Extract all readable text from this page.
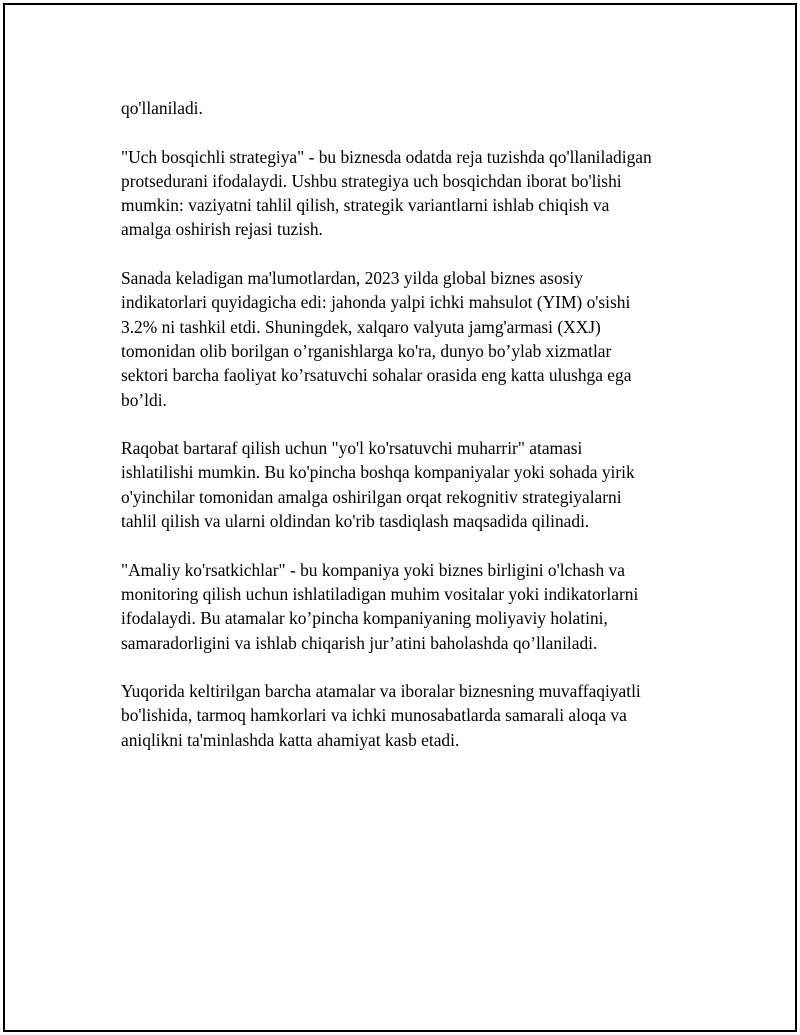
qo'llaniladi.

"Uch bosqichli strategiya" - bu biznesda odatda reja tuzishda qo'llaniladigan
protsedurani ifodalaydi. Ushbu strategiya uch bosqichdan iborat bo'lishi
mumkin: vaziyatni tahlil qilish, strategik variantlarni ishlab chiqish va
amalga oshirish rejasi tuzish.

Sanada keladigan ma'lumotlardan, 2023 yilda global biznes asosiy
indikatorlari quyidagicha edi: jahonda yalpi ichki mahsulot (YIM) o'sishi
3.2% ni tashkil etdi. Shuningdek, xalqaro valyuta jamg'armasi (XXJ)
tomonidan olib borilgan o’rganishlarga ko'ra, dunyo bo’ylab xizmatlar
sektori barcha faoliyat ko’rsatuvchi sohalar orasida eng katta ulushga ega
bo’ldi.

Raqobat bartaraf qilish uchun "yo'l ko'rsatuvchi muharrir" atamasi
ishlatilishi mumkin. Bu ko'pincha boshqa kompaniyalar yoki sohada yirik
o'yinchilar tomonidan amalga oshirilgan orqat rekognitiv strategiyalarni
tahlil qilish va ularni oldindan ko'rib tasdiqlash maqsadida qilinadi.

"Amaliy ko'rsatkichlar" - bu kompaniya yoki biznes birligini o'lchash va
monitoring qilish uchun ishlatiladigan muhim vositalar yoki indikatorlarni
ifodalaydi. Bu atamalar ko’pincha kompaniyaning moliyaviy holatini,
samaradorligini va ishlab chiqarish jur’atini baholashda qo’llaniladi.

Yuqorida keltirilgan barcha atamalar va iboralar biznesning muvaffaqiyatli
bo'lishida, tarmoq hamkorlari va ichki munosabatlarda samarali aloqa va
aniqlikni ta'minlashda katta ahamiyat kasb etadi.
